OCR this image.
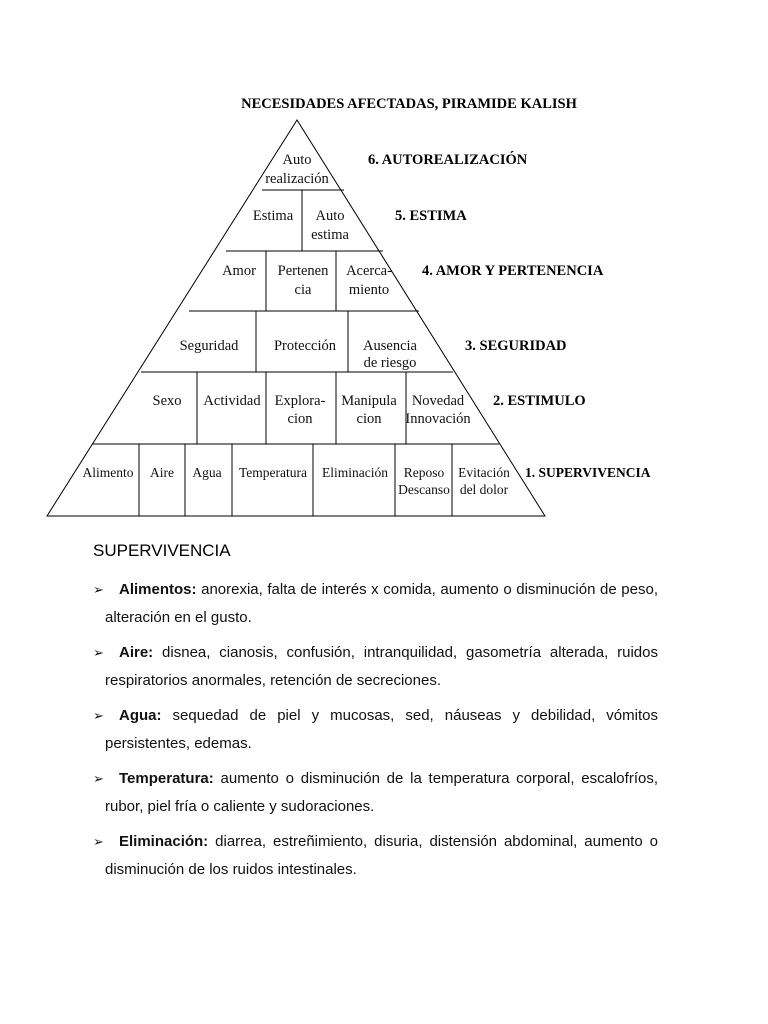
NECESIDADES AFECTADAS, PIRAMIDE KALISH
Auto realización
6. AUTOREALIZACIÓN
Estima	Auto estima
5. ESTIMA
Amor Pertenen cia
Acerca-miento
4. AMOR Y PERTENENCIA
Seguridad Protección Ausencia de riesgo
3. SEGURIDAD
Sexo Actividad Explora-cion
Manipula cion
Novedad Innovación
2. ESTIMULO
Alimento Aire Agua Temperatura Eliminación	Reposo Descanso
Evitación del dolor
1. SUPERVIVENCIA
SUPERVIVENCIA
➢ Alimentos: anorexia, falta de interés x comida, aumento o disminución de peso, alteración en el gusto.
➢ Aire: disnea, cianosis, confusión, intranquilidad, gasometría alterada, ruidos respiratorios anormales, retención de secreciones.
➢ Agua: sequedad de piel y mucosas, sed, náuseas y debilidad, vómitos persistentes, edemas.
➢ Temperatura: aumento o disminución de la temperatura corporal, escalofríos, rubor, piel fría o caliente y sudoraciones.
➢ Eliminación: diarrea, estreñimiento, disuria, distensión abdominal, aumento o disminución de los ruidos intestinales.
